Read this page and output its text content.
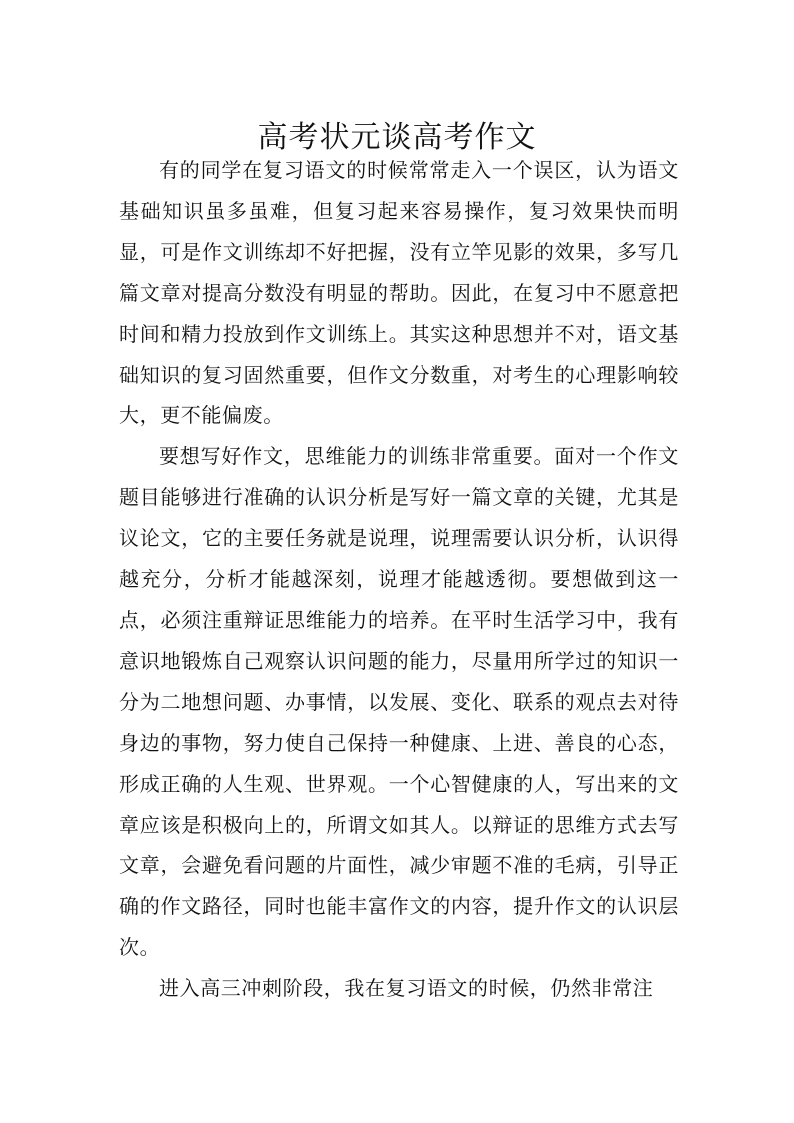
高考状元谈高考作文

有的同学在复习语文的时候常常走入一个误区，认为语文基础知识虽多虽难，但复习起来容易操作，复习效果快而明显，可是作文训练却不好把握，没有立竿见影的效果，多写几篇文章对提高分数没有明显的帮助。因此，在复习中不愿意把时间和精力投放到作文训练上。其实这种思想并不对，语文基础知识的复习固然重要，但作文分数重，对考生的心理影响较大，更不能偏废。

要想写好作文，思维能力的训练非常重要。面对一个作文题目能够进行准确的认识分析是写好一篇文章的关键，尤其是议论文，它的主要任务就是说理，说理需要认识分析，认识得越充分，分析才能越深刻，说理才能越透彻。要想做到这一点，必须注重辩证思维能力的培养。在平时生活学习中，我有意识地锻炼自己观察认识问题的能力，尽量用所学过的知识一分为二地想问题、办事情，以发展、变化、联系的观点去对待身边的事物，努力使自己保持一种健康、上进、善良的心态，形成正确的人生观、世界观。一个心智健康的人，写出来的文章应该是积极向上的，所谓文如其人。以辩证的思维方式去写文章，会避免看问题的片面性，减少审题不准的毛病，引导正确的作文路径，同时也能丰富作文的内容，提升作文的认识层次。

进入高三冲刺阶段，我在复习语文的时候，仍然非常注
